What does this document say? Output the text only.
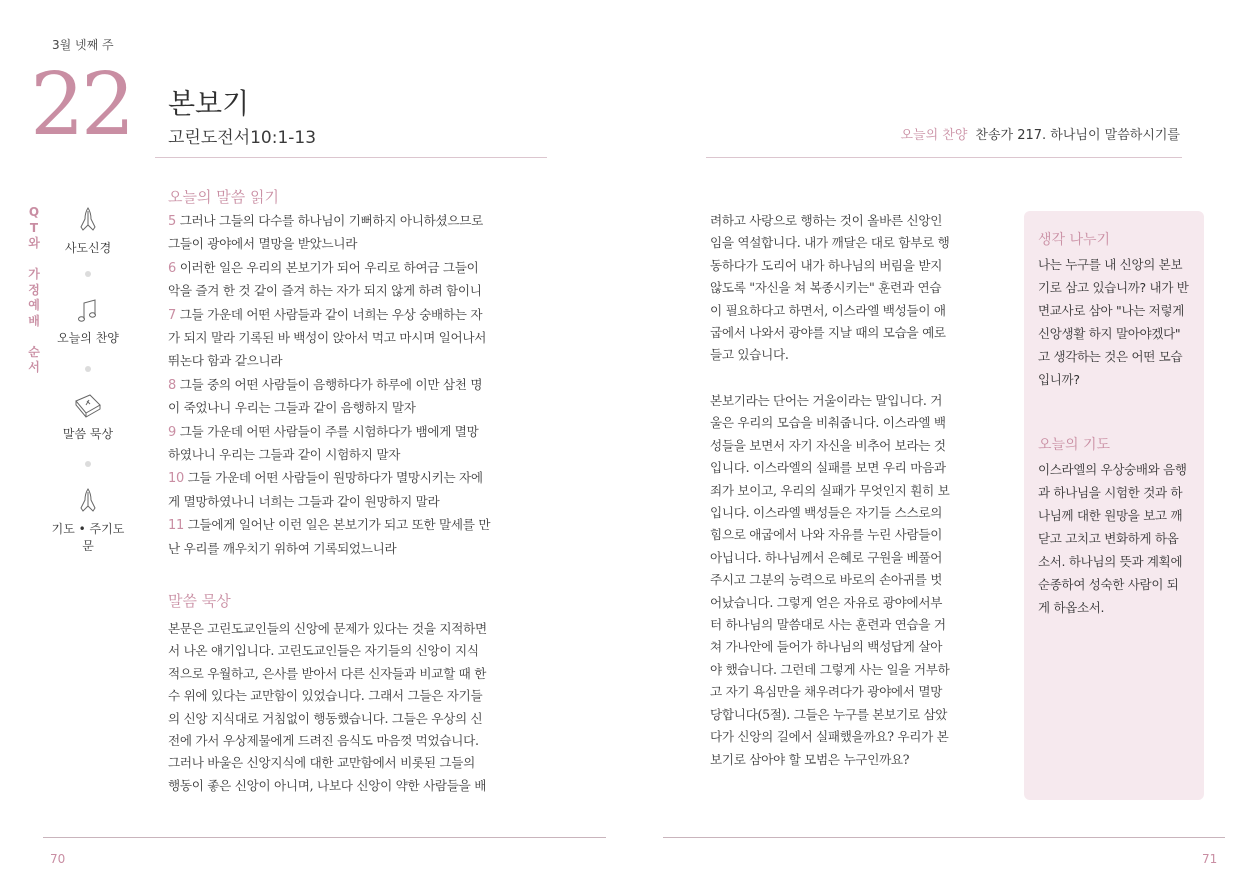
3월 넷째 주
22 본보기
고린도전서10:1-13	오늘의 찬양 찬송가 217. 하나님이 말씀하시기를
Q
T
와
가
정
예
배
순
서
사도신경
오늘의 찬양
말씀 묵상
기도 • 주기도문
오늘의 말씀 읽기
5 그러나 그들의 다수를 하나님이 기뻐하지 아니하셨으므로
그들이 광야에서 멸망을 받았느니라
6 이러한 일은 우리의 본보기가 되어 우리로 하여금 그들이
악을 즐겨 한 것 같이 즐겨 하는 자가 되지 않게 하려 함이니
7 그들 가운데 어떤 사람들과 같이 너희는 우상 숭배하는 자
가 되지 말라 기록된 바 백성이 앉아서 먹고 마시며 일어나서
뛰논다 함과 같으니라
8 그들 중의 어떤 사람들이 음행하다가 하루에 이만 삼천 명
이 죽었나니 우리는 그들과 같이 음행하지 말자
9 그들 가운데 어떤 사람들이 주를 시험하다가 뱀에게 멸망
하였나니 우리는 그들과 같이 시험하지 말자
10 그들 가운데 어떤 사람들이 원망하다가 멸망시키는 자에
게 멸망하였나니 너희는 그들과 같이 원망하지 말라
11 그들에게 일어난 이런 일은 본보기가 되고 또한 말세를 만
난 우리를 깨우치기 위하여 기록되었느니라
말씀 묵상
본문은 고린도교인들의 신앙에 문제가 있다는 것을 지적하면
서 나온 얘기입니다. 고린도교인들은 자기들의 신앙이 지식
적으로 우월하고, 은사를 받아서 다른 신자들과 비교할 때 한
수 위에 있다는 교만함이 있었습니다. 그래서 그들은 자기들
의 신앙 지식대로 거침없이 행동했습니다. 그들은 우상의 신
전에 가서 우상제물에게 드려진 음식도 마음껏 먹었습니다.
그러나 바울은 신앙지식에 대한 교만함에서 비롯된 그들의
행동이 좋은 신앙이 아니며, 나보다 신앙이 약한 사람들을 배
려하고 사랑으로 행하는 것이 올바른 신앙인
임을 역설합니다. 내가 깨달은 대로 함부로 행
동하다가 도리어 내가 하나님의 버림을 받지
않도록 "자신을 쳐 복종시키는" 훈련과 연습
이 필요하다고 하면서, 이스라엘 백성들이 애
굽에서 나와서 광야를 지날 때의 모습을 예로
들고 있습니다.
본보기라는 단어는 거울이라는 말입니다. 거
울은 우리의 모습을 비춰줍니다. 이스라엘 백
성들을 보면서 자기 자신을 비추어 보라는 것
입니다. 이스라엘의 실패를 보면 우리 마음과
죄가 보이고, 우리의 실패가 무엇인지 훤히 보
입니다. 이스라엘 백성들은 자기들 스스로의
힘으로 애굽에서 나와 자유를 누린 사람들이
아닙니다. 하나님께서 은혜로 구원을 베풀어
주시고 그분의 능력으로 바로의 손아귀를 벗
어났습니다. 그렇게 얻은 자유로 광야에서부
터 하나님의 말씀대로 사는 훈련과 연습을 거
쳐 가나안에 들어가 하나님의 백성답게 살아
야 했습니다. 그런데 그렇게 사는 일을 거부하
고 자기 욕심만을 채우려다가 광야에서 멸망
당합니다(5절). 그들은 누구를 본보기로 삼았
다가 신앙의 길에서 실패했을까요? 우리가 본
보기로 삼아야 할 모범은 누구인까요?
생각 나누기
나는 누구를 내 신앙의 본보
기로 삼고 있습니까? 내가 반
면교사로 삼아 "나는 저렇게
신앙생활 하지 말아야겠다"
고 생각하는 것은 어떤 모습
입니까?
오늘의 기도
이스라엘의 우상숭배와 음행
과 하나님을 시험한 것과 하
나님께 대한 원망을 보고 깨
닫고 고치고 변화하게 하옵
소서. 하나님의 뜻과 계획에
순종하여 성숙한 사람이 되
게 하옵소서.
70	71
